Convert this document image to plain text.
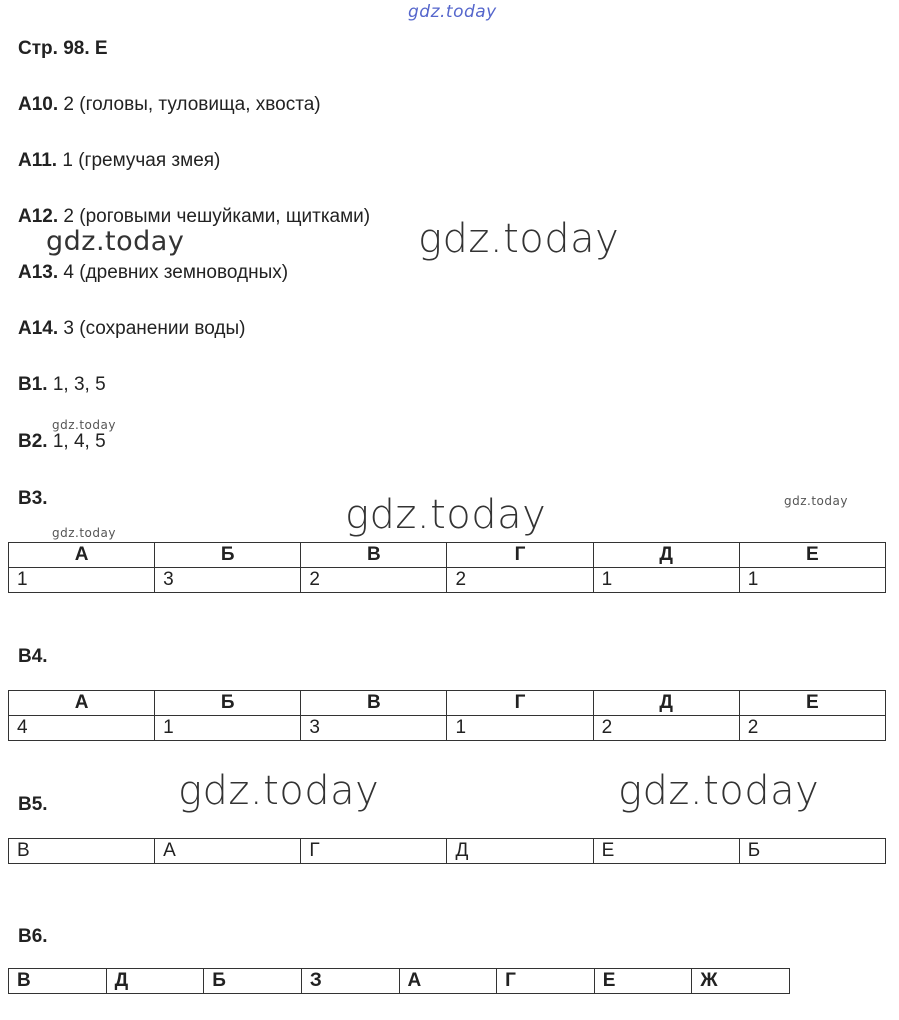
gdz.today
Стр. 98. Е
А10. 2 (головы, туловища, хвоста)
А11. 1 (гремучая змея)
А12. 2 (роговыми чешуйками, щитками)
gdz.today	gdz.today
А13. 4 (древних земноводных)
А14. 3 (сохранении воды)
В1. 1, 3, 5
gdz.today
В2. 1, 4, 5
В3.	gdz.today
gdz.today
gdz.today
А	Б	В	Г	Д	Е
1	3	2	2	1	1
В4.
А	Б	В	Г	Д	Е
4	1	3	1	2	2
gdz.today	gdz.today
В5.
В	А	Г	Д	Е	Б
В6.
В	Д	Б	З	А	Г	Е	Ж
